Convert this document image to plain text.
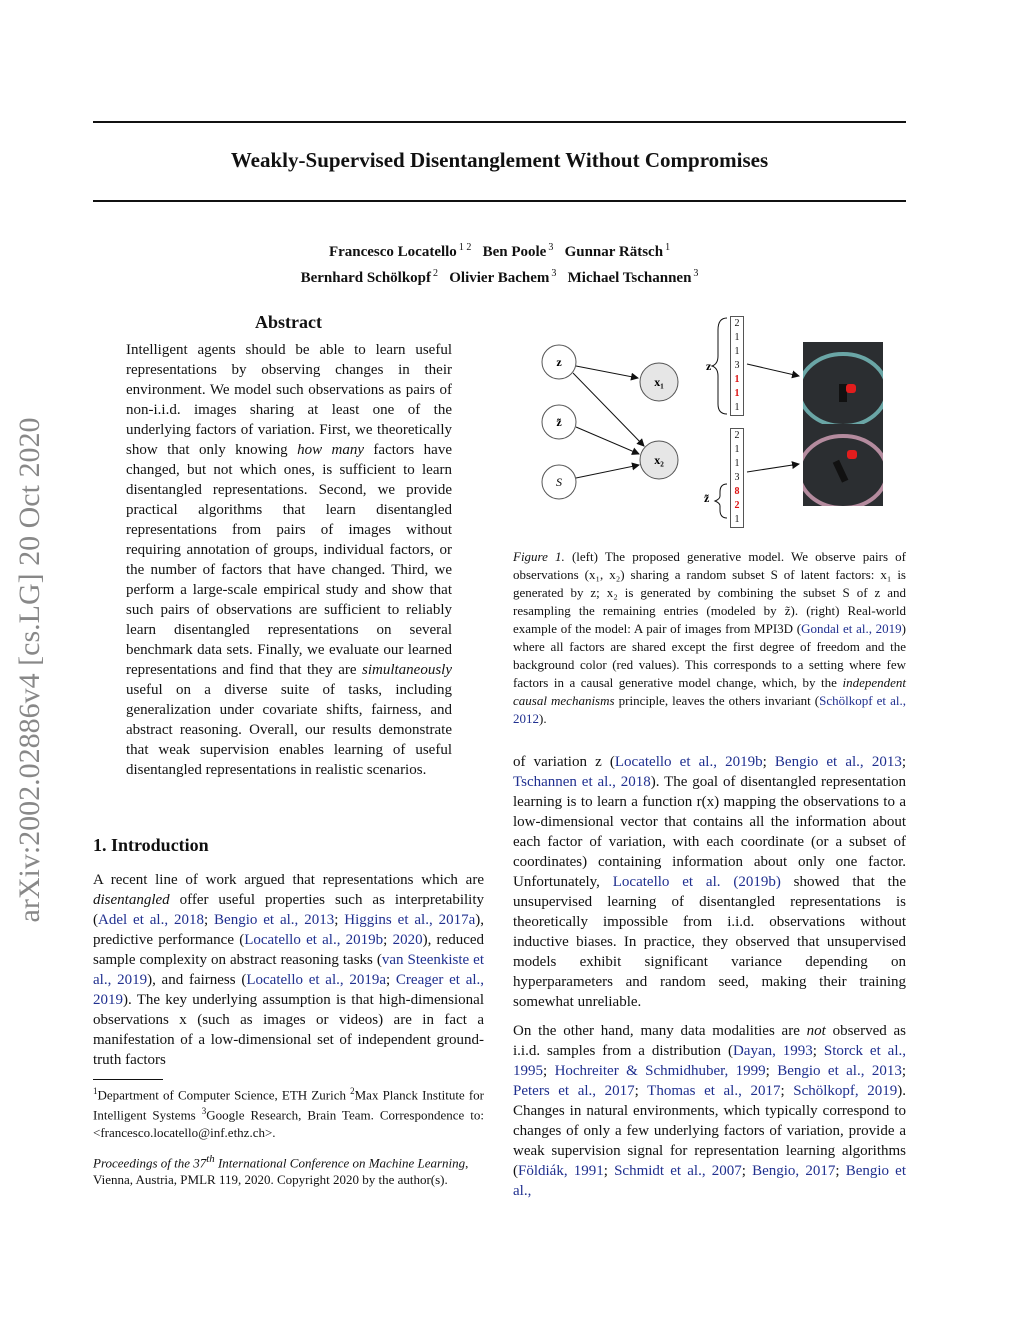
Weakly-Supervised Disentanglement Without Compromises
Francesco Locatello $^{1 2}$ Ben Poole $^3$ Gunnar Rätsch $^1$
Bernhard Schölkopf $^2$ Olivier Bachem $^3$ Michael Tschannen $^3$
arXiv:2002.02886v4 [cs.LG] 20 Oct 2020
Abstract
Intelligent agents should be able to learn useful representations by observing changes in their environment. We model such observations as pairs of non-i.i.d. images sharing at least one of the underlying factors of variation. First, we theoretically show that only knowing how many factors have changed, but not which ones, is sufficient to learn disentangled representations. Second, we provide practical algorithms that learn disentangled representations from pairs of images without requiring annotation of groups, individual factors, or the number of factors that have changed. Third, we perform a large-scale empirical study and show that such pairs of observations are sufficient to reliably learn disentangled representations on several benchmark data sets. Finally, we evaluate our learned representations and find that they are simultaneously useful on a diverse suite of tasks, including generalization under covariate shifts, fairness, and abstract reasoning. Overall, our results demonstrate that weak supervision enables learning of useful disentangled representations in realistic scenarios.
1. Introduction
A recent line of work argued that representations which are disentangled offer useful properties such as interpretability (Adel et al., 2018; Bengio et al., 2013; Higgins et al., 2017a), predictive performance (Locatello et al., 2019b; 2020), reduced sample complexity on abstract reasoning tasks (van Steenkiste et al., 2019), and fairness (Locatello et al., 2019a; Creager et al., 2019). The key underlying assumption is that high-dimensional observations x (such as images or videos) are in fact a manifestation of a low-dimensional set of independent ground-truth factors
$^1$Department of Computer Science, ETH Zurich $^2$Max Planck Institute for Intelligent Systems $^3$Google Research, Brain Team. Correspondence to: <francesco.locatello@inf.ethz.ch>.
Proceedings of the 37th International Conference on Machine Learning, Vienna, Austria, PMLR 119, 2020. Copyright 2020 by the author(s).
z
z̃
S
x₁
x₂
z
z̃
2
1
1
3
1
1
1
2
1
1
3
8
2
1
Figure 1. (left) The proposed generative model. We observe pairs of observations (x₁, x₂) sharing a random subset S of latent factors: x₁ is generated by z; x₂ is generated by combining the subset S of z and resampling the remaining entries (modeled by z̃). (right) Real-world example of the model: A pair of images from MPI3D (Gondal et al., 2019) where all factors are shared except the first degree of freedom and the background color (red values). This corresponds to a setting where few factors in a causal generative model change, which, by the independent causal mechanisms principle, leaves the others invariant (Schölkopf et al., 2012).
of variation z (Locatello et al., 2019b; Bengio et al., 2013; Tschannen et al., 2018). The goal of disentangled representation learning is to learn a function r(x) mapping the observations to a low-dimensional vector that contains all the information about each factor of variation, with each coordinate (or a subset of coordinates) containing information about only one factor. Unfortunately, Locatello et al. (2019b) showed that the unsupervised learning of disentangled representations is theoretically impossible from i.i.d. observations without inductive biases. In practice, they observed that unsupervised models exhibit significant variance depending on hyperparameters and random seed, making their training somewhat unreliable.
On the other hand, many data modalities are not observed as i.i.d. samples from a distribution (Dayan, 1993; Storck et al., 1995; Hochreiter & Schmidhuber, 1999; Bengio et al., 2013; Peters et al., 2017; Thomas et al., 2017; Schölkopf, 2019). Changes in natural environments, which typically correspond to changes of only a few underlying factors of variation, provide a weak supervision signal for representation learning algorithms (Földiák, 1991; Schmidt et al., 2007; Bengio, 2017; Bengio et al.,
